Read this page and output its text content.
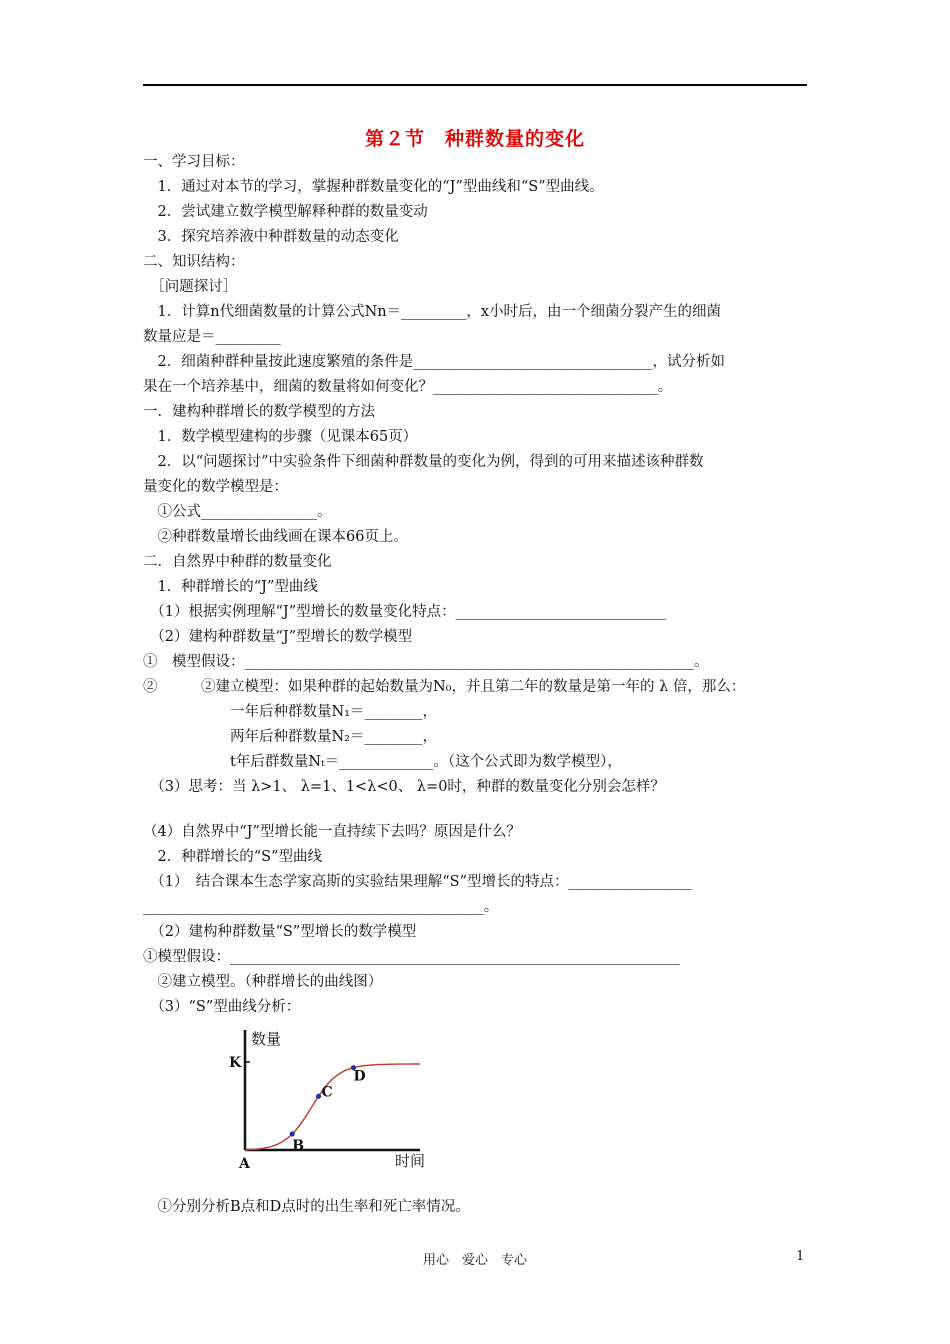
第２节　种群数量的变化
一、学习目标：
　1．通过对本节的学习，掌握种群数量变化的“J”型曲线和“S”型曲线。
　2．尝试建立数学模型解释种群的数量变动
　3．探究培养液中种群数量的动态变化
二、知识结构：
　［问题探讨］
　1．计算n代细菌数量的计算公式Nn＝_________，x小时后，由一个细菌分裂产生的细菌
数量应是＝_________
　2．细菌种群种量按此速度繁殖的条件是_________________________________，试分析如
果在一个培养基中，细菌的数量将如何变化？_______________________________。
一．建构种群增长的数学模型的方法
　1．数学模型建构的步骤（见课本65页）
　2．以“问题探讨”中实验条件下细菌种群数量的变化为例，得到的可用来描述该种群数
量变化的数学模型是：
　①公式________________。
　②种群数量增长曲线画在课本66页上。
二．自然界中种群的数量变化
　1．种群增长的“J”型曲线
　（1）根据实例理解“J”型增长的数量变化特点：_____________________________
　（2）建构种群数量“J”型增长的数学模型
①　模型假设：______________________________________________________________。
②　　　②建立模型：如果种群的起始数量为N₀，并且第二年的数量是第一年的 λ 倍，那么：
　　　　　　一年后种群数量N₁＝________，
　　　　　　两年后种群数量N₂＝________，
　　　　　　t年后群数量Nₜ＝_____________。（这个公式即为数学模型），
　（3）思考：当 λ>1、 λ=1、1<λ<0、 λ=0时，种群的数量变化分别会怎样？
（4）自然界中“J”型增长能一直持续下去吗？原因是什么？
　2．种群增长的“S”型曲线
　（1）　结合课本生态学家高斯的实验结果理解“S”型增长的特点：_________________
_______________________________________________。
　（2）建构种群数量“S”型增长的数学模型
①模型假设：______________________________________________________________
　②建立模型。（种群增长的曲线图）
　（3）“S”型曲线分析：
　①分别分析B点和D点时的出生率和死亡率情况。
A
B
C
D
K
数量
时间
用心　爱心　专心	1
